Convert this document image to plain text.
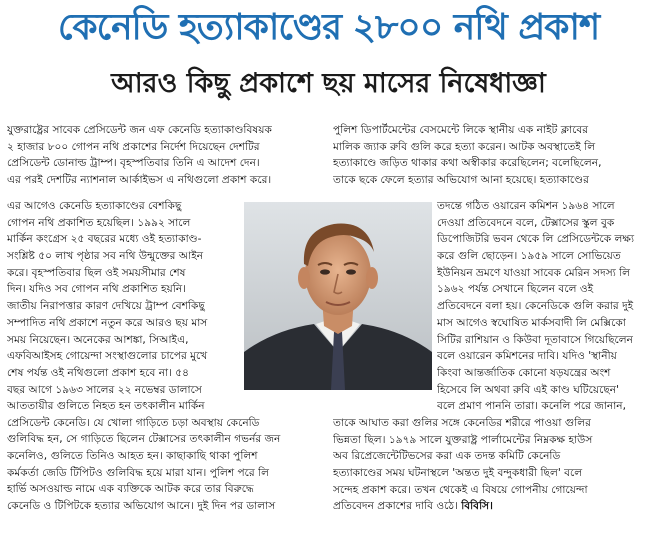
কেনেডি হত্যাকাণ্ডের ২৮০০ নথি প্রকাশ
আরও কিছু প্রকাশে ছয় মাসের নিষেধাজ্ঞা
যুক্তরাষ্ট্রের সাবেক প্রেসিডেন্ট জন এফ কেনেডি হত্যাকাণ্ডবিষয়ক
২ হাজার ৮০০ গোপন নথি প্রকাশের নির্দেশ দিয়েছেন দেশটির
প্রেসিডেন্ট ডোনাল্ড ট্রাম্প। বৃহস্পতিবার তিনি এ আদেশ দেন।
এর পরই দেশটির ন্যাশনাল আর্কাইভস এ নথিগুলো প্রকাশ করে।
পুলিশ ডিপার্টমেন্টের বেসমেন্টে লিকে স্থানীয় এক নাইট ক্লাবের
মালিক জ্যাক রুবি গুলি করে হত্যা করেন। আটক অবস্থাতেই লি
হত্যাকাণ্ডে জড়িত থাকার কথা অস্বীকার করেছিলেন; বলেছিলেন,
তাকে ছকে ফেলে হত্যার অভিযোগ আনা হয়েছে। হত্যাকাণ্ডের
এর আগেও কেনেডি হত্যাকাণ্ডের বেশকিছু
গোপন নথি প্রকাশিত হয়েছিল। ১৯৯২ সালে
মার্কিন কংগ্রেস ২৫ বছরের মধ্যে ওই হত্যাকাণ্ড-
সংশ্লিষ্ট ৫০ লাখ পৃষ্ঠার সব নথি উন্মুক্তের আইন
করে। বৃহস্পতিবার ছিল ওই সময়সীমার শেষ
দিন। যদিও সব গোপন নথি প্রকাশিত হয়নি।
জাতীয় নিরাপত্তার কারণ দেখিয়ে ট্রাম্প বেশকিছু
সম্পাদিত নথি প্রকাশে নতুন করে আরও ছয় মাস
সময় নিয়েছেন। অনেকের আশঙ্কা, সিআইএ,
এফবিআইসহ গোয়েন্দা সংস্থাগুলোর চাপের মুখে
শেষ পর্যন্ত ওই নথিগুলো প্রকাশ হবে না। ৫৪
বছর আগে ১৯৬৩ সালের ২২ নভেম্বর ডালাসে
তদন্তে গঠিত ওয়ারেন কমিশন ১৯৬৪ সালে
দেওয়া প্রতিবেদনে বলে, টেক্সাসের স্কুল বুক
ডিপোজিটরি ভবন থেকে লি প্রেসিডেন্টকে লক্ষ্য
করে গুলি ছোড়েন। ১৯৫৯ সালে সোভিয়েত
ইউনিয়ন ভ্রমণে যাওয়া সাবেক মেরিন সদস্য লি
১৯৬২ পর্যন্ত সেখানে ছিলেন বলে ওই
প্রতিবেদনে বলা হয়। কেনেডিকে গুলি করার দুই
মাস আগেও স্বঘোষিত মার্কসবাদী লি মেক্সিকো
সিটির রাশিয়ান ও কিউবা দূতাবাসে গিয়েছিলেন
বলে ওয়ারেন কমিশনের দাবি। যদিও 'স্থানীয়
কিংবা আন্তর্জাতিক কোনো ষড়যন্ত্রের অংশ
হিসেবে লি অথবা রুবি এই কাণ্ড ঘটিয়েছেন'
আততায়ীর গুলিতে নিহত হন তৎকালীন মার্কিন
প্রেসিডেন্ট কেনেডি। যে খোলা গাড়িতে চড়া অবস্থায় কেনেডি
গুলিবিদ্ধ হন, সে গাড়িতে ছিলেন টেক্সাসের তৎকালীন গভর্নর জন
কনেলিও, গুলিতে তিনিও আহত হন। কাছাকাছি থাকা পুলিশ
কর্মকর্তা জেডি টিপিটও গুলিবিদ্ধ হয়ে মারা যান। পুলিশ পরে লি
হার্ভি অসওয়াল্ড নামে এক ব্যক্তিকে আটক করে তার বিরুদ্ধে
কেনেডি ও টিপিটকে হত্যার অভিযোগ আনে। দুই দিন পর ডালাস
বলে প্রমাণ পাননি তারা। কনেলি পরে জানান,
তাকে আঘাত করা গুলির সঙ্গে কেনেডির শরীরে পাওয়া গুলির
ভিন্নতা ছিল। ১৯৭৯ সালে যুক্তরাষ্ট্র পার্লামেন্টের নিম্নকক্ষ হাউস
অব রিপ্রেজেন্টেটিভসের করা এক তদন্ত কমিটি কেনেডি
হত্যাকাণ্ডের সময় ঘটনাস্থলে 'অন্তত দুই বন্দুকধারী ছিল' বলে
সন্দেহ প্রকাশ করে। তখন থেকেই এ বিষয়ে গোপনীয় গোয়েন্দা
প্রতিবেদন প্রকাশের দাবি ওঠে। বিবিসি।
